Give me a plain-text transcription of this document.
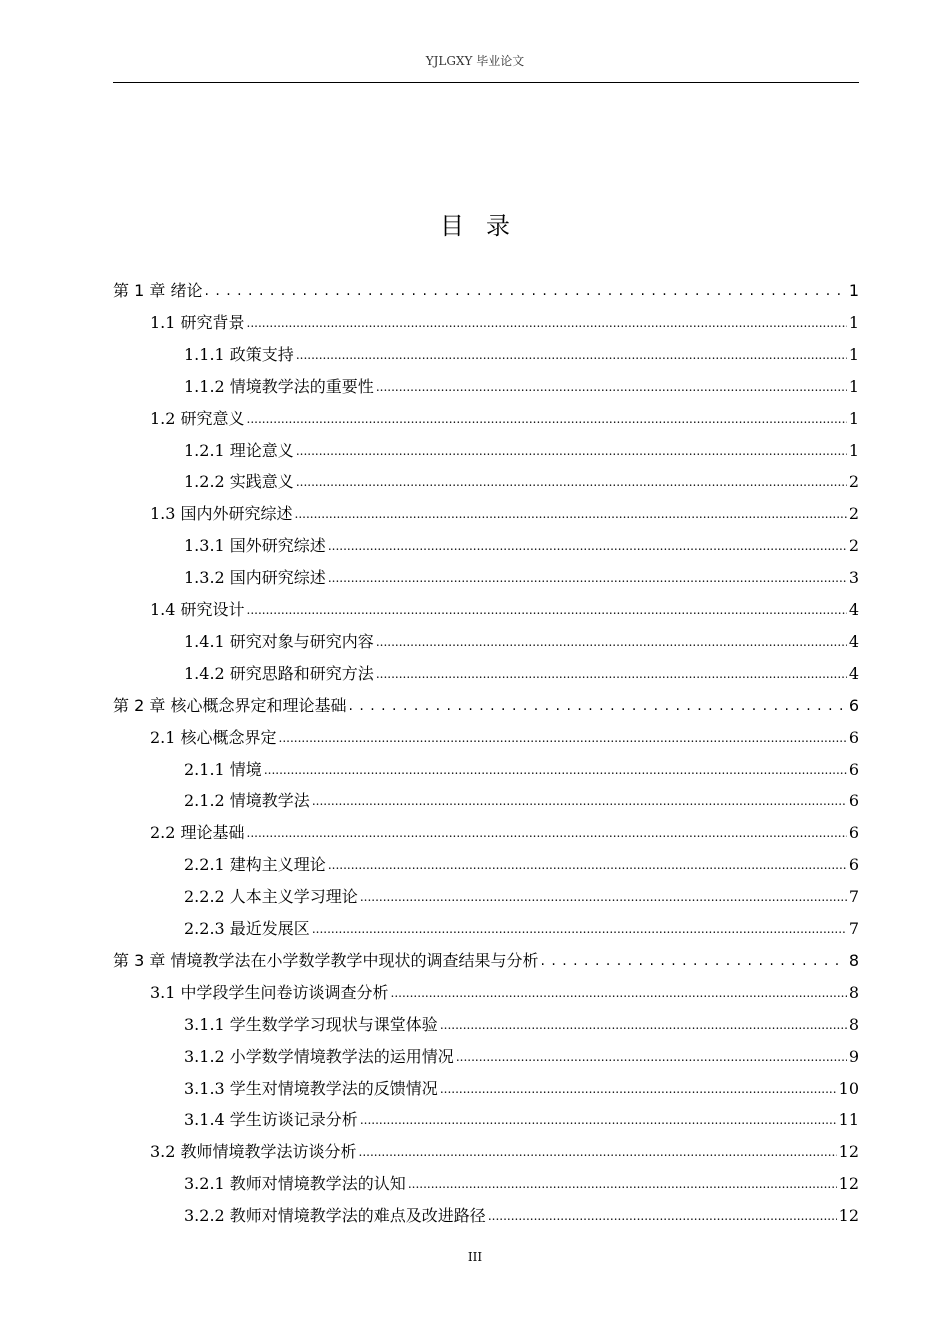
YJLGXY 毕业论文
目录
第 1 章 绪论 . . .	1
1.1 研究背景 .....	1
1.1.1 政策支持 .....	1
1.1.2 情境教学法的重要性 .....	1
1.2 研究意义 .....	1
1.2.1 理论意义 .....	1
1.2.2 实践意义 .....	2
1.3 国内外研究综述 .....	2
1.3.1 国外研究综述 .....	2
1.3.2 国内研究综述 .....	3
1.4 研究设计 .....	4
1.4.1 研究对象与研究内容 .....	4
1.4.2 研究思路和研究方法 .....	4
第 2 章 核心概念界定和理论基础 . . .	6
2.1 核心概念界定 .....	6
2.1.1 情境 .....	6
2.1.2 情境教学法 .....	6
2.2 理论基础 .....	6
2.2.1 建构主义理论 .....	6
2.2.2 人本主义学习理论 .....	7
2.2.3 最近发展区 .....	7
第 3 章 情境教学法在小学数学教学中现状的调查结果与分析 . . .	8
3.1 中学段学生问卷访谈调查分析 .....	8
3.1.1 学生数学学习现状与课堂体验 .....	8
3.1.2 小学数学情境教学法的运用情况 .....	9
3.1.3 学生对情境教学法的反馈情况 .....	10
3.1.4 学生访谈记录分析 .....	11
3.2 教师情境教学法访谈分析 .....	12
3.2.1 教师对情境教学法的认知 .....	12
3.2.2 教师对情境教学法的难点及改进路径 .....	12
III
